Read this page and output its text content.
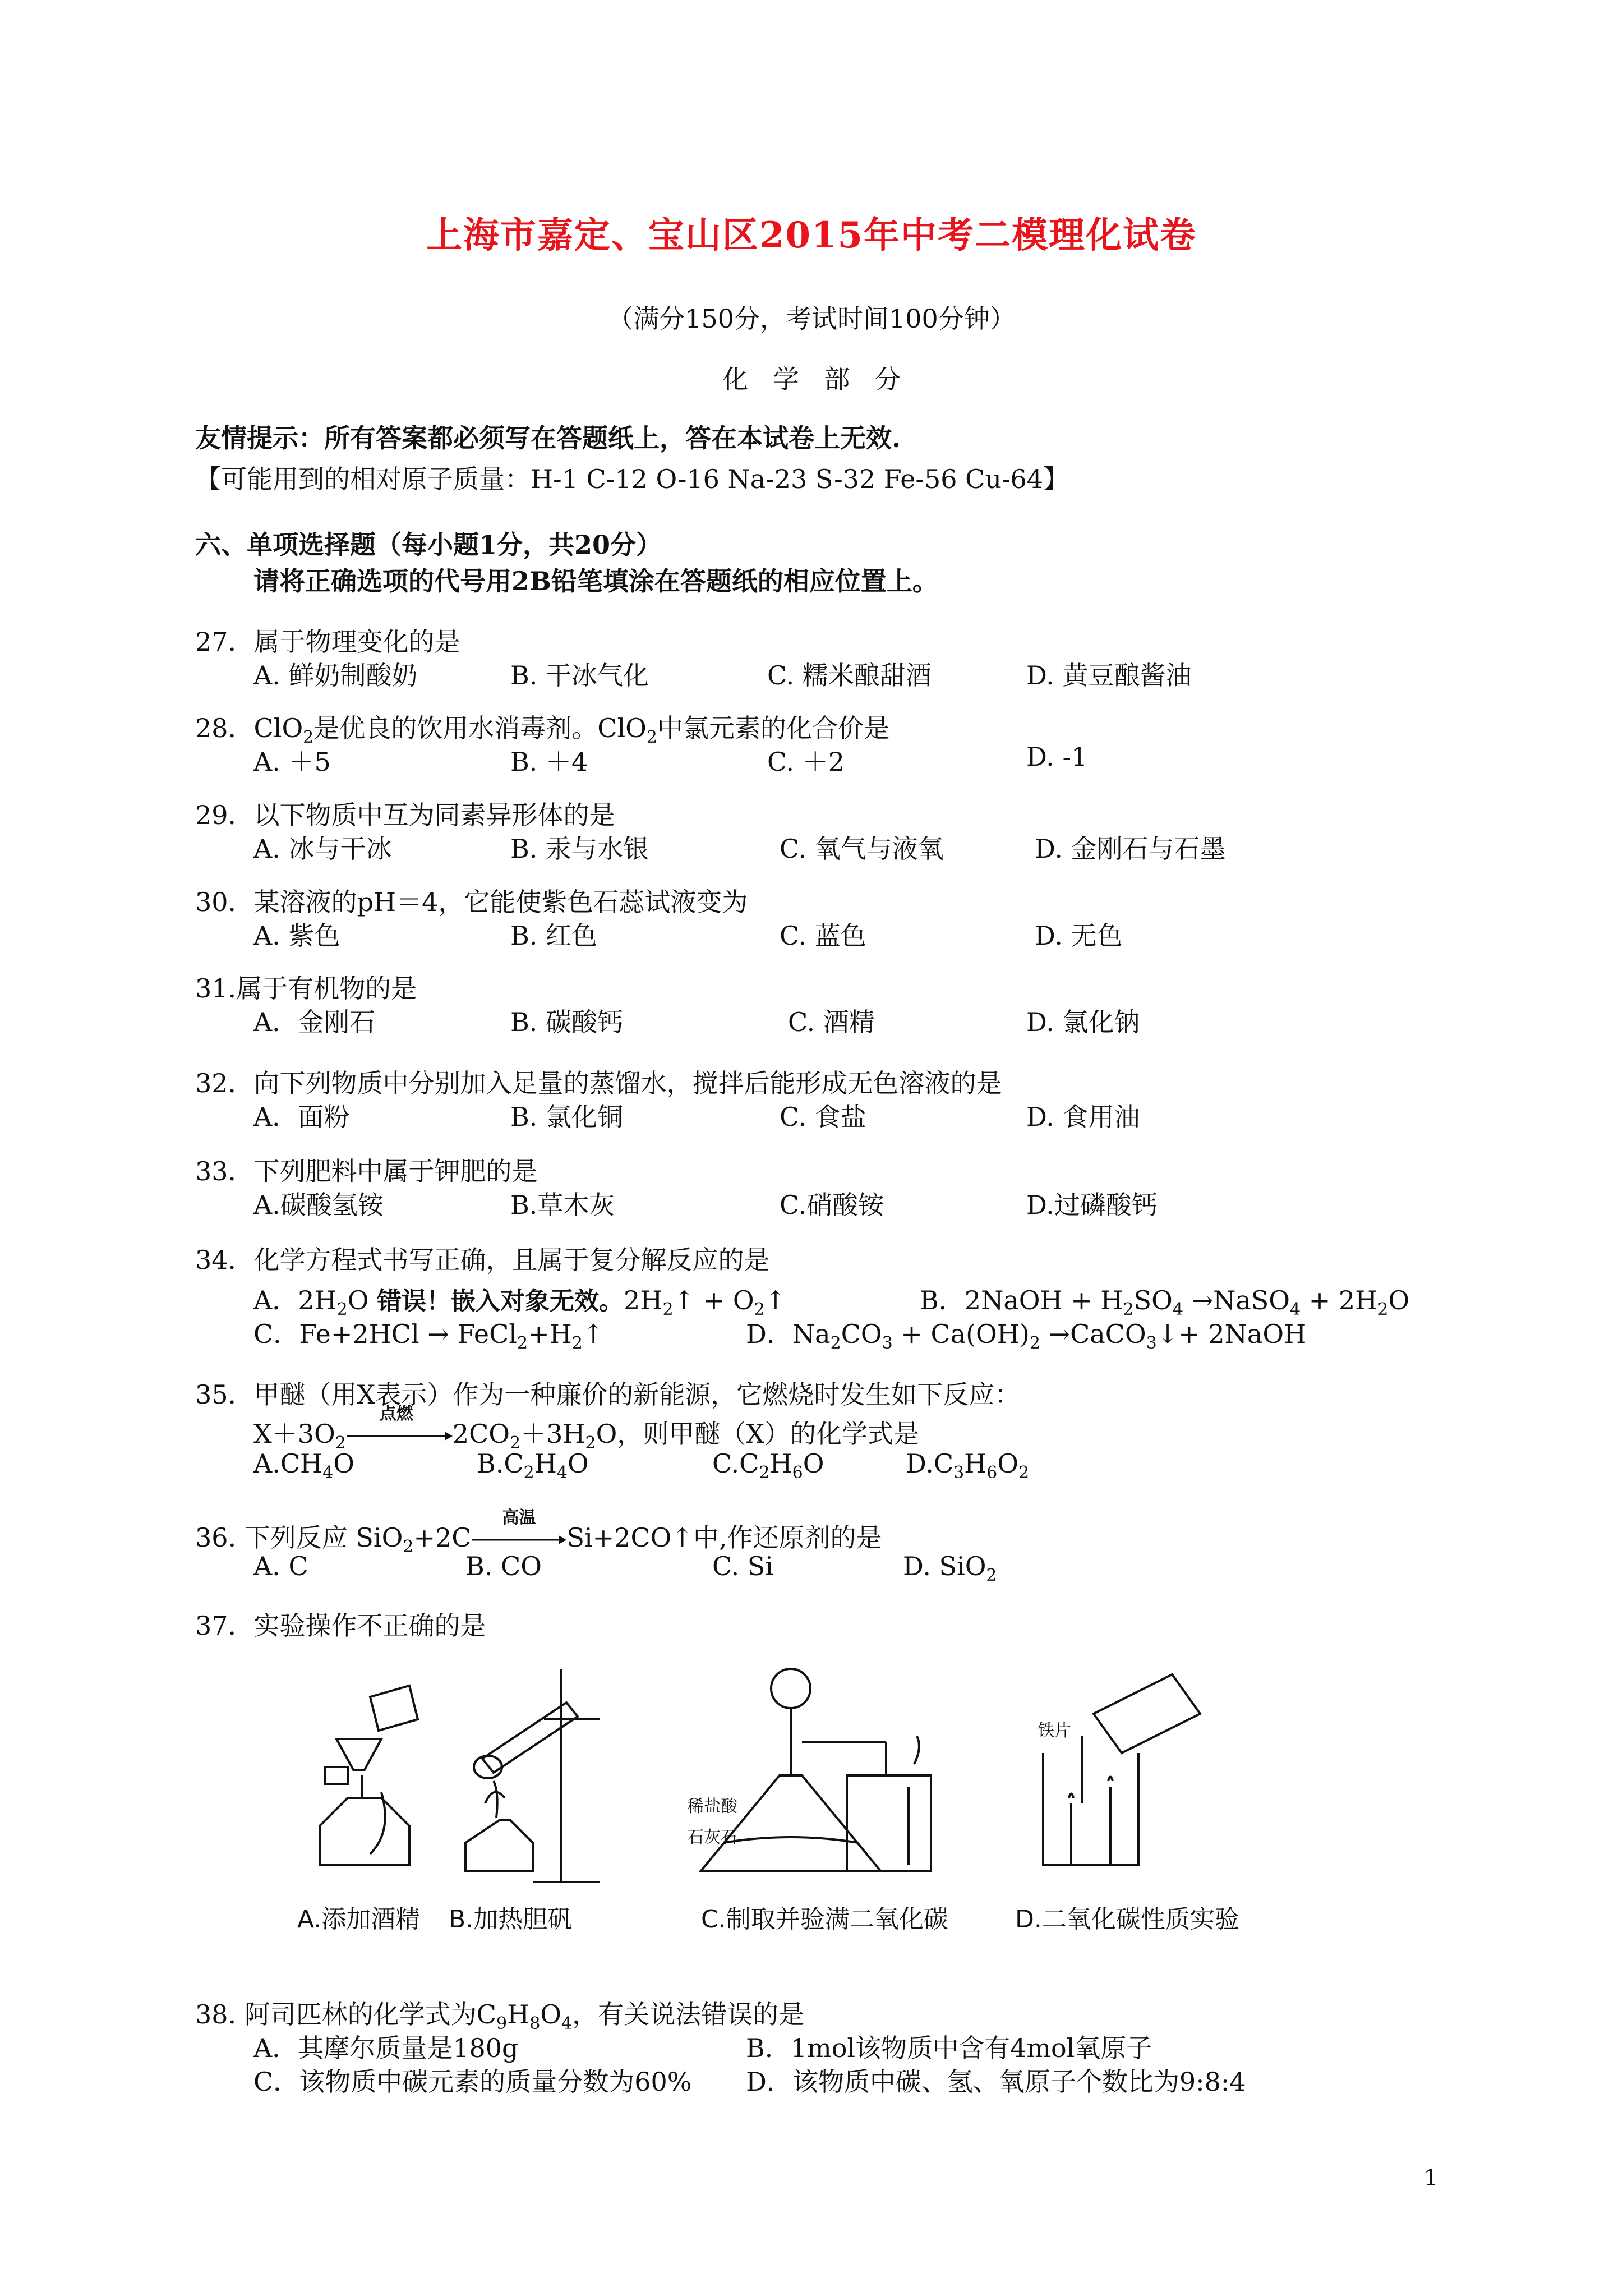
上海市嘉定、宝山区2015年中考二模理化试卷
（满分150分，考试时间100分钟）
化 学 部 分
友情提示：所有答案都必须写在答题纸上，答在本试卷上无效.
【可能用到的相对原子质量：H-1 C-12 O-16 Na-23 S-32 Fe-56 Cu-64】
六、单项选择题（每小题1分，共20分）
请将正确选项的代号用2B铅笔填涂在答题纸的相应位置上。
27．属于物理变化的是
A. 鲜奶制酸奶	B. 干冰气化	C. 糯米酿甜酒	D. 黄豆酿酱油
28．ClO$_2$是优良的饮用水消毒剂。ClO$_2$中氯元素的化合价是
A. ＋5	B. ＋4	C. ＋2	D. -1
29．以下物质中互为同素异形体的是
A. 冰与干冰	B. 汞与水银	C. 氧气与液氧	D. 金刚石与石墨
30．某溶液的pH＝4，它能使紫色石蕊试液变为
A. 紫色	B. 红色	C. 蓝色	D. 无色
31.属于有机物的是
A．金刚石	B. 碳酸钙	C. 酒精	D. 氯化钠
32．向下列物质中分别加入足量的蒸馏水，搅拌后能形成无色溶液的是
A．面粉	B. 氯化铜	C. 食盐	D. 食用油
33．下列肥料中属于钾肥的是
A.碳酸氢铵	B.草木灰	C.硝酸铵	D.过磷酸钙
34．化学方程式书写正确，且属于复分解反应的是
A．$2H_2O$ 错误！嵌入对象无效。$2H_2↑$ + $O_2↑$	B．2NaOH + $H_2SO_4$ →NaSO$_4$ + $2H_2O$
C．$Fe+2HCl \to FeCl_2+H_2↑$	D．$Na_2CO_3 + Ca(OH)_2$ →CaCO$_3$↓+ 2NaOH
35．甲醚（用X表示）作为一种廉价的新能源，它燃烧时发生如下反应：
$X+3O_2$
点燃
$2CO_2+3H_2O$，则甲醚（X）的化学式是
$A.CH_4O$	$B.C_2H_4O$	$C.C_2H_6O$	$D.C_3H_6O_2$
36. 下列反应 SiO$_2$+2C
高温
Si+2CO↑中,作还原剂的是
A. C	B. CO	C. Si	D. SiO$_2$
37．实验操作不正确的是
A.添加酒精 B.加热胆矾	C.制取并验满二氧化碳	D.二氧化碳性质实验
稀盐酸
石灰石
铁片
38. 阿司匹林的化学式为$C_9H_8O_4$，有关说法错误的是
A．其摩尔质量是180g	B．1mol该物质中含有4mol氧原子
C．该物质中碳元素的质量分数为60% D．该物质中碳、氢、氧原子个数比为9:8:4
1
